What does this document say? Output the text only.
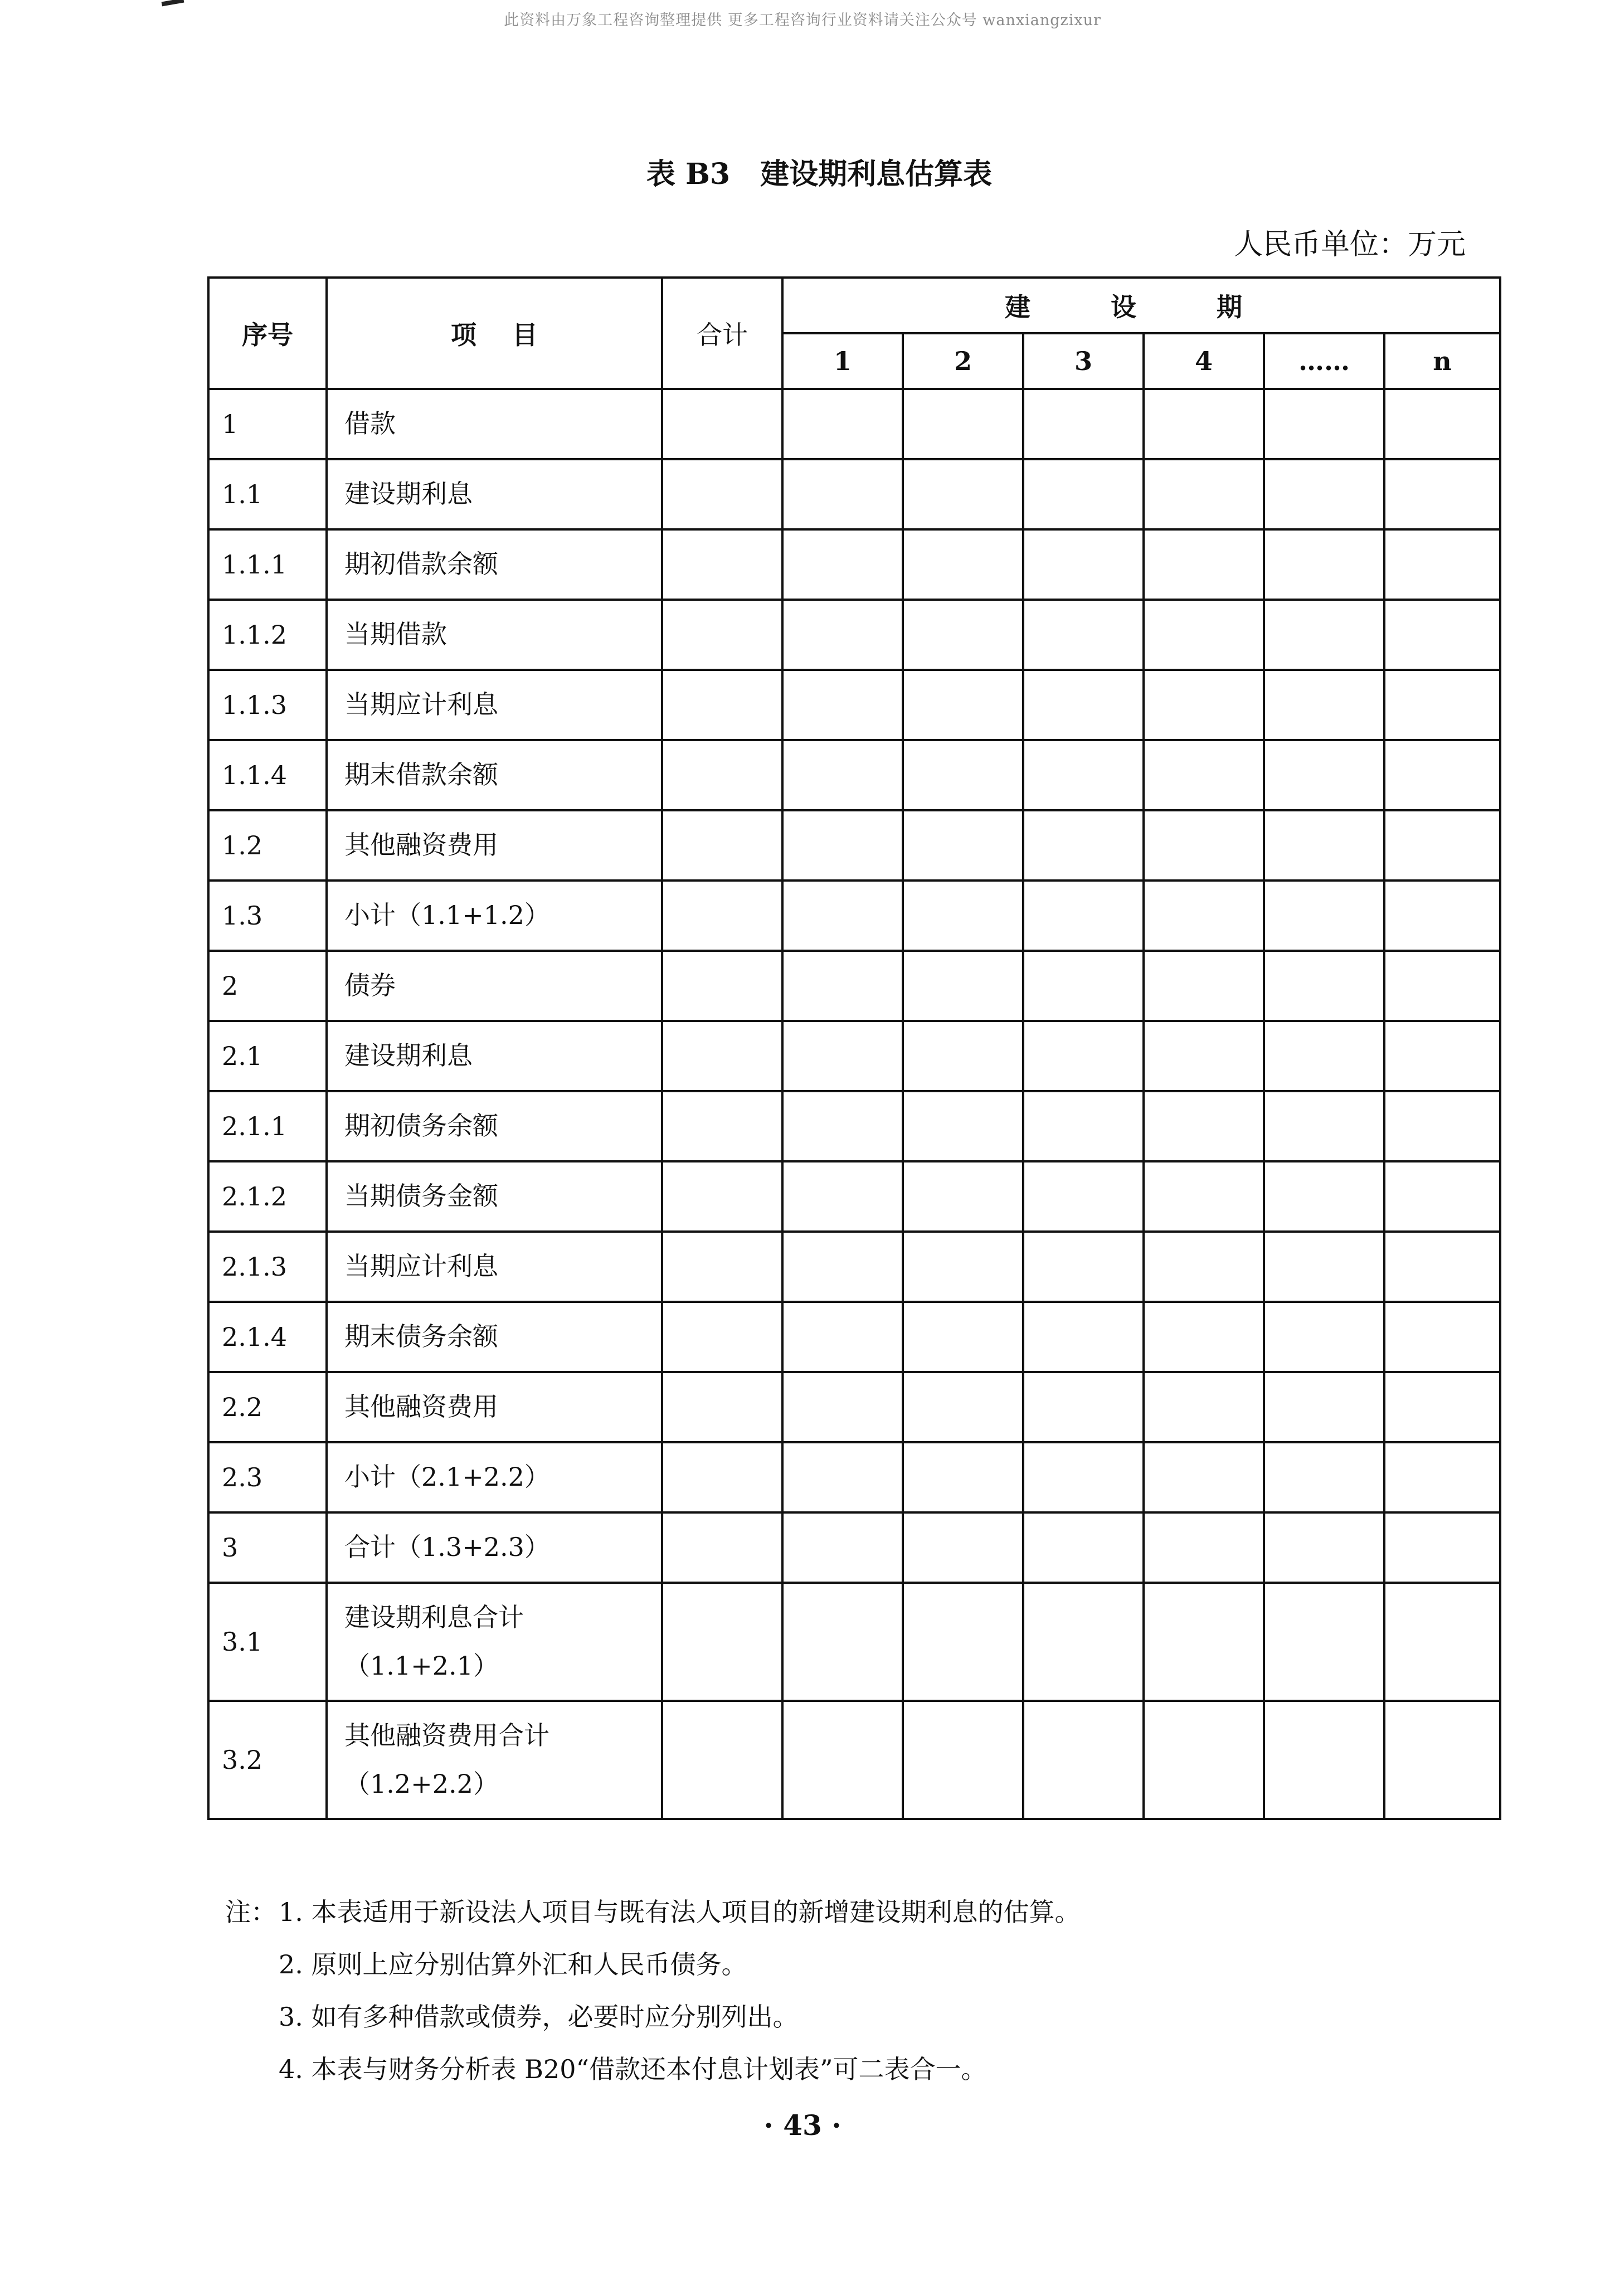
此资料由万象工程咨询整理提供 更多工程咨询行业资料请关注公众号 wanxiangzixur
表 B3 建设期利息估算表
人民币单位：万元
序号	项    目	合计	建 设 期					
			1	2	3	4	……	n
1	借款							

1.1	建设期利息							

1.1.1	期初借款余额							

1.1.2	当期借款							

1.1.3	当期应计利息							

1.1.4	期末借款余额							

1.2	其他融资费用							

1.3	小计（1.1+1.2）							

2	债券							

2.1	建设期利息							

2.1.1	期初债务余额							

2.1.2	当期债务金额							

2.1.3	当期应计利息							

2.1.4	期末债务余额							

2.2	其他融资费用							

2.3	小计（2.1+2.2）							

3	合计（1.3+2.3）							

3.1	建设期利息合计
（1.1+2.1）							

3.2	其他融资费用合计
（1.2+2.2）							

注：1. 本表适用于新设法人项目与既有法人项目的新增建设期利息的估算。
2. 原则上应分别估算外汇和人民币债务。
3. 如有多种借款或债券，必要时应分别列出。
4. 本表与财务分析表 B20“借款还本付息计划表”可二表合一。
· 43 ·
